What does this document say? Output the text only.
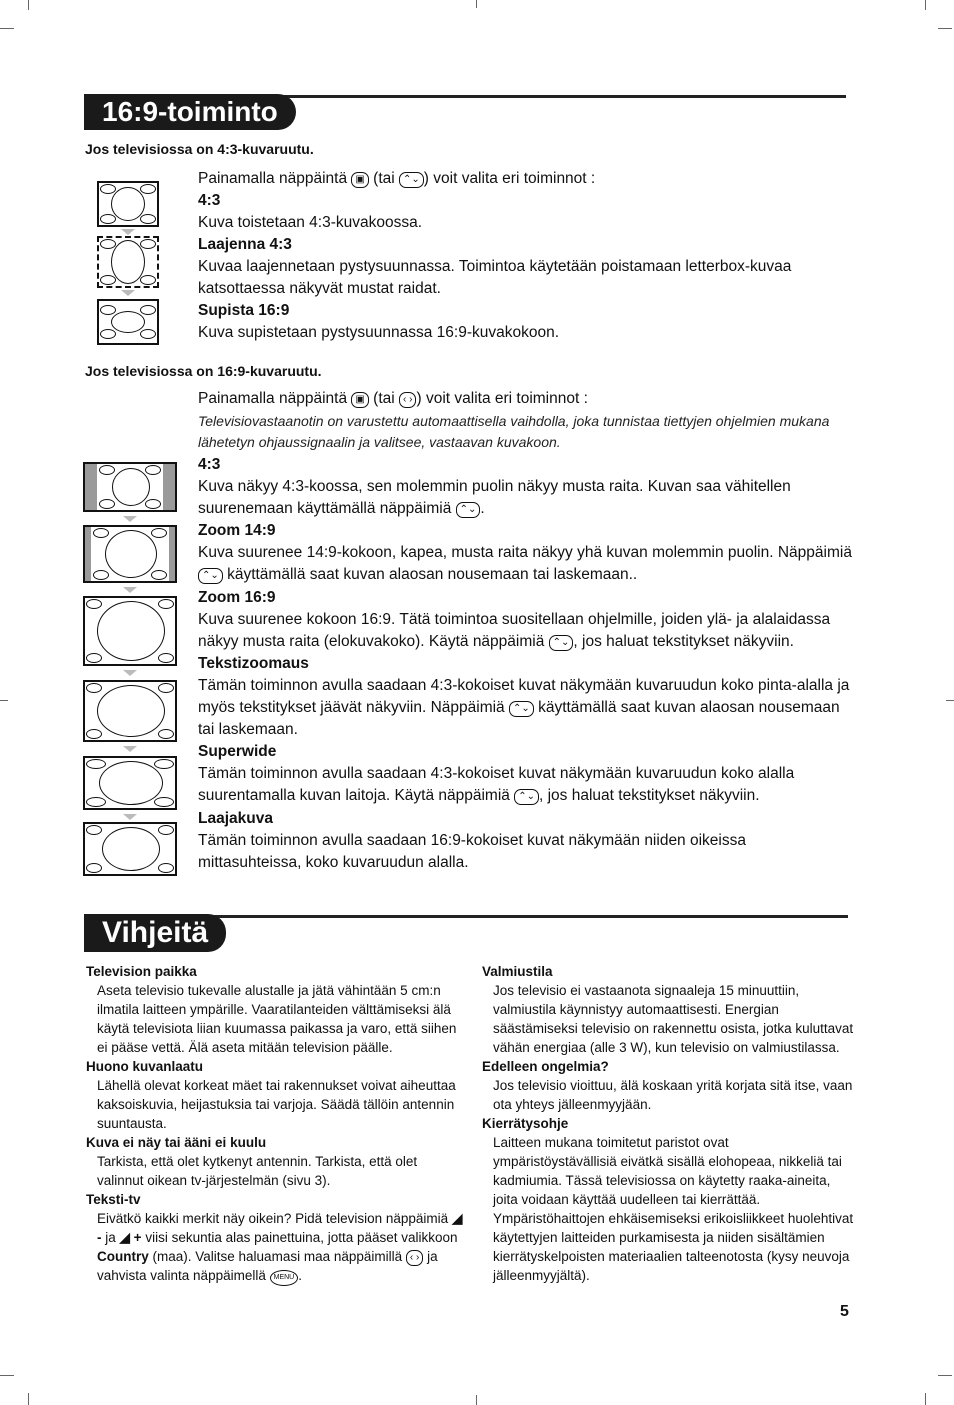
16:9-toiminto
Jos televisiossa on 4:3-kuvaruutu.
Painamalla näppäintä ▣ (tai ⌃⌄ ) voit valita eri toiminnot :
4:3
Kuva toistetaan 4:3-kuvakoossa.
Laajenna 4:3
Kuvaa laajennetaan pystysuunnassa. Toimintoa käytetään poistamaan letterbox-kuvaa katsottaessa näkyvät mustat raidat.
Supista 16:9
Kuva supistetaan pystysuunnassa 16:9-kuvakokoon.
Jos televisiossa on 16:9-kuvaruutu.
Painamalla näppäintä ▣ (tai ‹ › ) voit valita eri toiminnot :
Televisiovastaanotin on varustettu automaattisella vaihdolla, joka tunnistaa tiettyjen ohjelmien mukana lähetetyn ohjaussignaalin ja valitsee, vastaavan kuvakoon.
4:3
Kuva näkyy 4:3-koossa, sen molemmin puolin näkyy musta raita. Kuvan saa vähitellen suurenemaan käyttämällä näppäimiä ⌃⌄ .
Zoom 14:9
Kuva suurenee 14:9-kokoon, kapea, musta raita näkyy yhä kuvan molemmin puolin. Näppäimiä ⌃⌄ käyttämällä saat kuvan alaosan nousemaan tai laskemaan..
Zoom 16:9
Kuva suurenee kokoon 16:9. Tätä toimintoa suositellaan ohjelmille, joiden ylä- ja alalaidassa näkyy musta raita (elokuvakoko). Käytä näppäimiä ⌃⌄ , jos haluat tekstitykset näkyviin.
Tekstizoomaus
Tämän toiminnon avulla saadaan 4:3-kokoiset kuvat näkymään kuvaruudun koko pinta-alalla ja myös tekstitykset jäävät näkyviin. Näppäimiä ⌃⌄ käyttämällä saat kuvan alaosan nousemaan tai laskemaan.
Superwide
Tämän toiminnon avulla saadaan 4:3-kokoiset kuvat näkymään kuvaruudun koko alalla suurentamalla kuvan laitoja. Käytä näppäimiä ⌃⌄ , jos haluat tekstitykset näkyviin.
Laajakuva
Tämän toiminnon avulla saadaan 16:9-kokoiset kuvat näkymään niiden oikeissa mittasuhteissa, koko kuvaruudun alalla.
Vihjeitä
Television paikka
Aseta televisio tukevalle alustalle ja jätä vähintään 5 cm:n ilmatila laitteen ympärille. Vaaratilanteiden välttämiseksi älä käytä televisiota liian kuumassa paikassa ja varo, että siihen ei pääse vettä. Älä aseta mitään television päälle.
Huono kuvanlaatu
Lähellä olevat korkeat mäet tai rakennukset voivat aiheuttaa kaksoiskuvia, heijastuksia tai varjoja. Säädä tällöin antennin suuntausta.
Kuva ei näy tai ääni ei kuulu
Tarkista, että olet kytkenyt antennin. Tarkista, että olet valinnut oikean tv-järjestelmän (sivu 3).
Teksti-tv
Eivätkö kaikki merkit näy oikein? Pidä television näppäimiä ◢ - ja ◢ + viisi sekuntia alas painettuina, jotta pääset valikkoon Country (maa). Valitse haluamasi maa näppäimillä ‹ › ja vahvista valinta näppäimellä MENU .
Valmiustila
Jos televisio ei vastaanota signaaleja 15 minuuttiin, valmiustila käynnistyy automaattisesti. Energian säästämiseksi televisio on rakennettu osista, jotka kuluttavat vähän energiaa (alle 3 W), kun televisio on valmiustilassa.
Edelleen ongelmia?
Jos televisio vioittuu, älä koskaan yritä korjata sitä itse, vaan ota yhteys jälleenmyyjään.
Kierrätysohje
Laitteen mukana toimitetut paristot ovat ympäristöystävällisiä eivätkä sisällä elohopeaa, nikkeliä tai kadmiumia. Tässä televisiossa on käytetty raaka-aineita, joita voidaan käyttää uudelleen tai kierrättää. Ympäristöhaittojen ehkäisemiseksi erikoisliikkeet huolehtivat käytettyjen laitteiden purkamisesta ja niiden sisältämien kierrätyskelpoisten materiaalien talteenotosta (kysy neuvoja jälleenmyyjältä).
5
